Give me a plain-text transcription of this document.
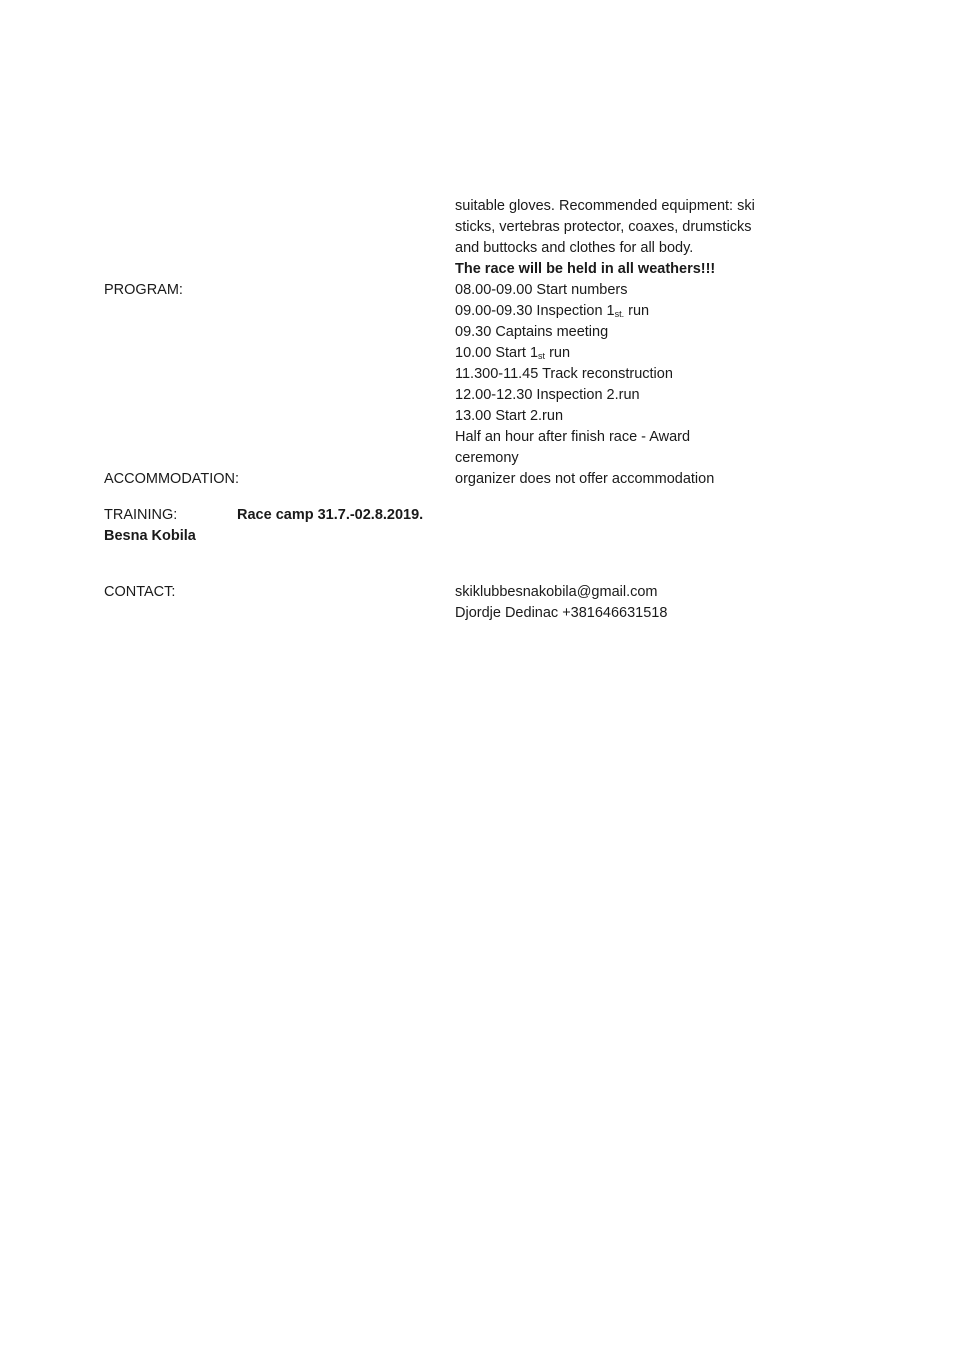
suitable gloves. Recommended equipment: ski
sticks, vertebras protector, coaxes, drumsticks
and buttocks and clothes for all body.
The race will be held in all weathers!!!
PROGRAM:	08.00-09.00 Start numbers
09.00-09.30 Inspection $1_{st.}$ run
09.30 Captains meeting
10.00 Start $1_{st}$ run
11.300-11.45 Track reconstruction
12.00-12.30 Inspection 2.run
13.00 Start 2.run
Half an hour after finish race - Award
ceremony
ACCOMMODATION:	organizer does not offer accommodation
TRAINING:	Race camp 31.7.-02.8.2019.
Besna Kobila
CONTACT:	skiklubbesnakobila@gmail.com
Djordje Dedinac +381646631518
